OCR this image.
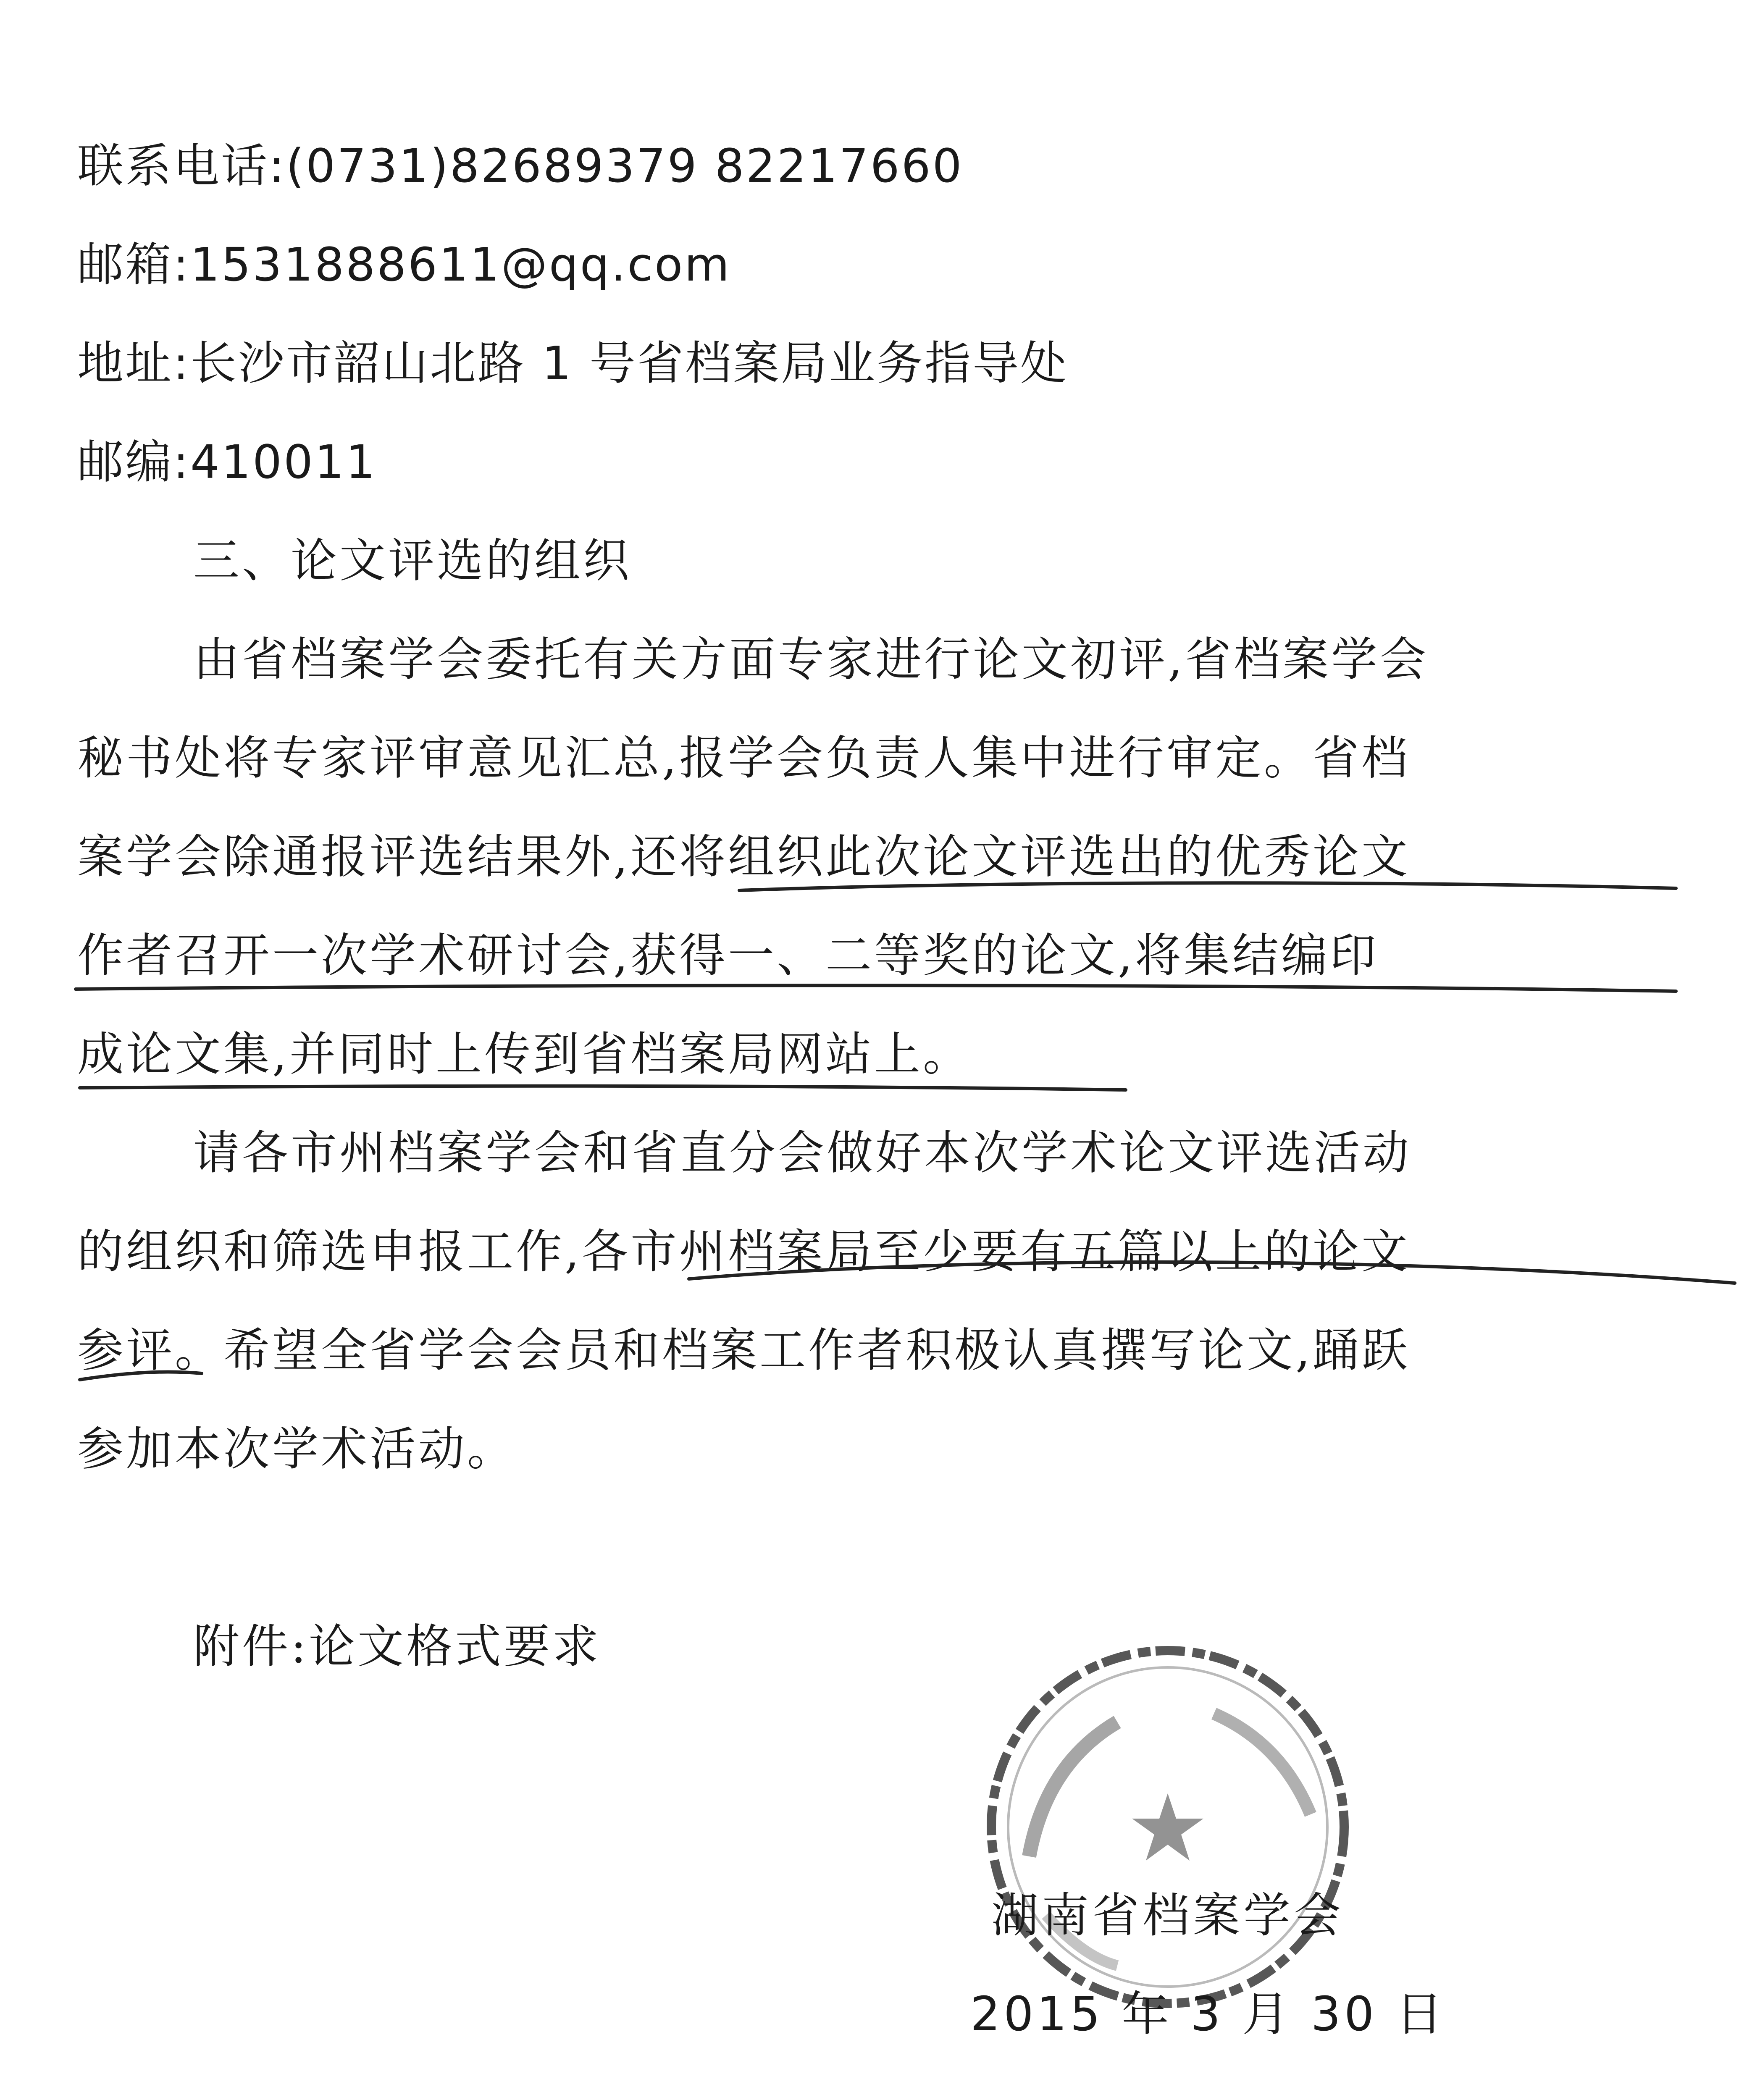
联系电话:(0731)82689379 82217660
邮箱:1531888611@qq.com
地址:长沙市韶山北路 1 号省档案局业务指导处
邮编:410011
三、论文评选的组织
由省档案学会委托有关方面专家进行论文初评,省档案学会
秘书处将专家评审意见汇总,报学会负责人集中进行审定。省档
案学会除通报评选结果外,还将组织此次论文评选出的优秀论文
作者召开一次学术研讨会,获得一、二等奖的论文,将集结编印
成论文集,并同时上传到省档案局网站上。
请各市州档案学会和省直分会做好本次学术论文评选活动
的组织和筛选申报工作,各市州档案局至少要有五篇以上的论文
参评。希望全省学会会员和档案工作者积极认真撰写论文,踊跃
参加本次学术活动。
附件:论文格式要求
湖南省档案学会
2015 年 3 月 30 日
